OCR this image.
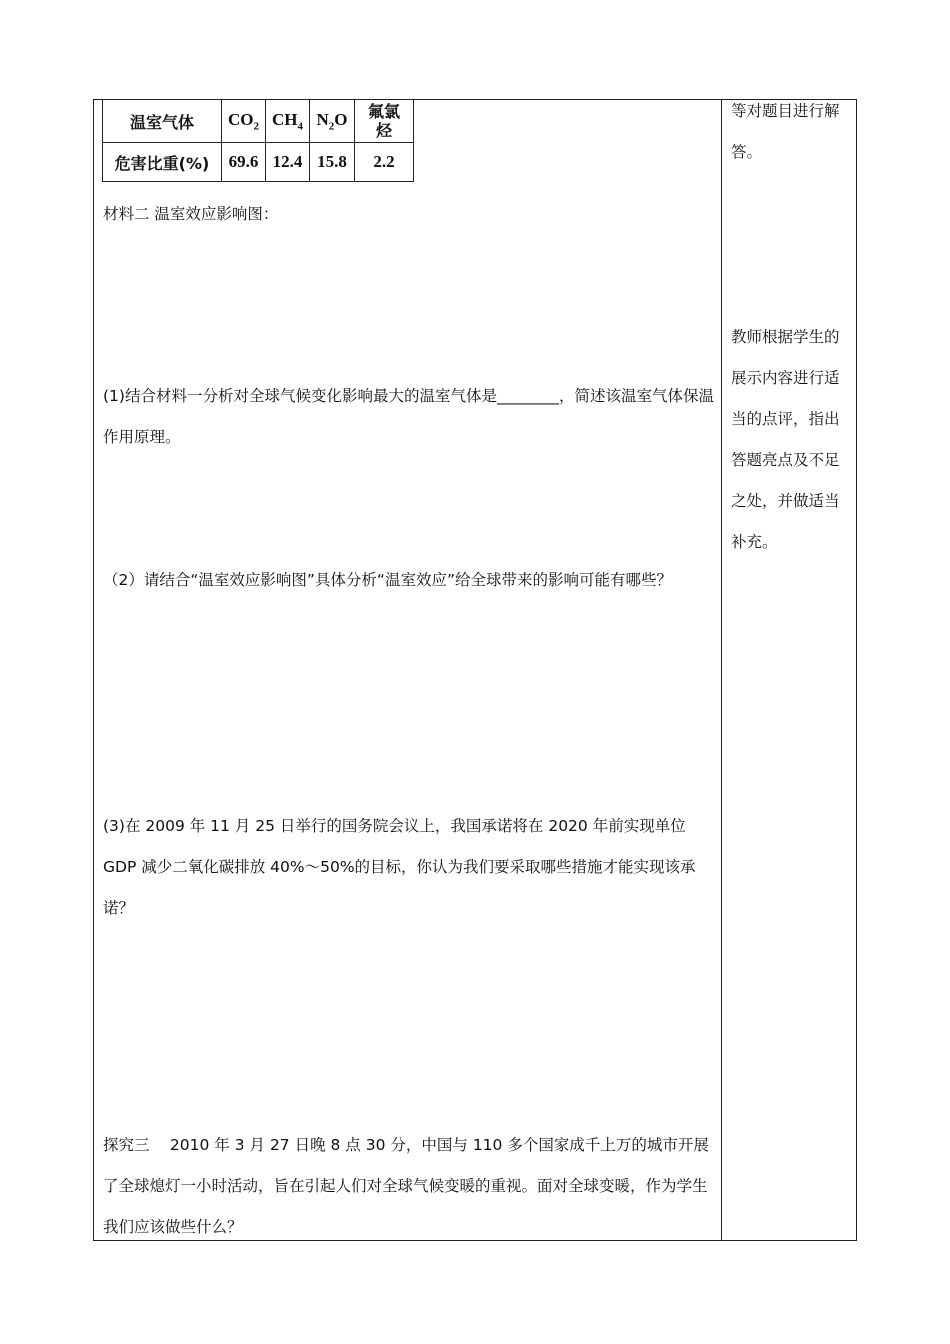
温室气体	$CO_2$	$CH_4$	$N_2O$	氟氯烃
危害比重(%)	69.6	12.4	15.8	2.2

材料二 温室效应影响图：

(1)结合材料一分析对全球气候变化影响最大的温室气体是________，简述该温室气体保温作用原理。

（2）请结合“温室效应影响图”具体分析“温室效应”给全球带来的影响可能有哪些？

(3)在 2009 年 11 月 25 日举行的国务院会议上，我国承诺将在 2020 年前实现单位 GDP 减少二氧化碳排放 40%～50%的目标，你认为我们要采取哪些措施才能实现该承诺？

探究三　 2010 年 3 月 27 日晚 8 点 30 分，中国与 110 多个国家成千上万的城市开展了全球熄灯一小时活动，旨在引起人们对全球气候变暖的重视。面对全球变暖，作为学生我们应该做些什么？

等对题目进行解答。

教师根据学生的展示内容进行适当的点评，指出答题亮点及不足之处，并做适当补充。
